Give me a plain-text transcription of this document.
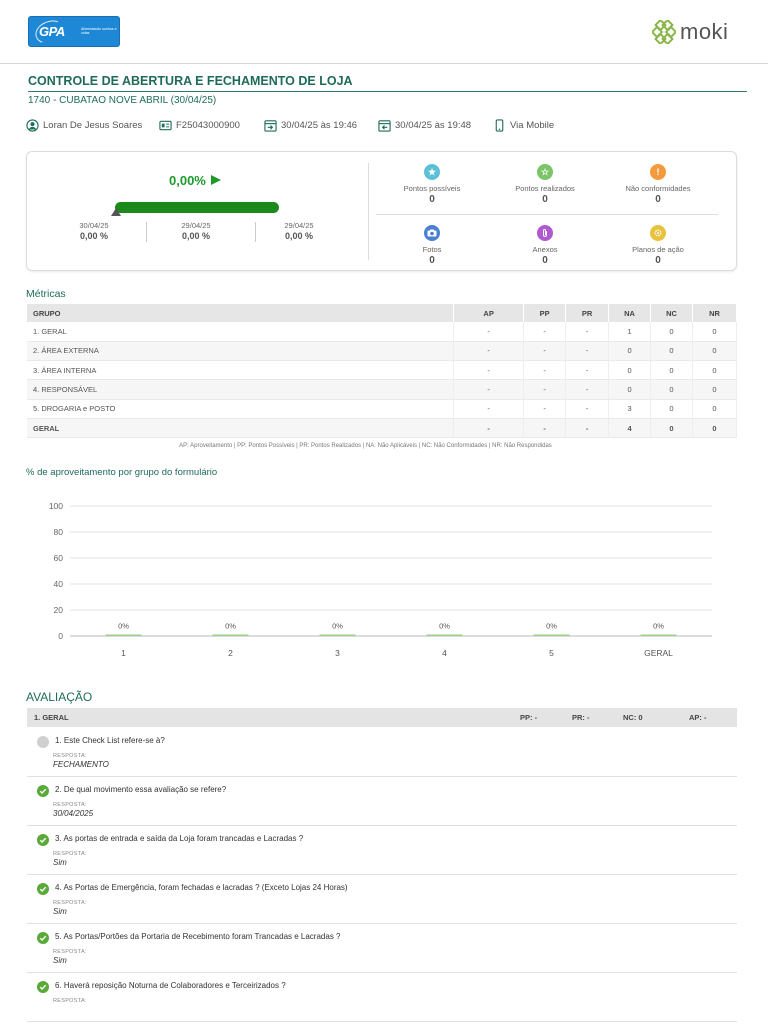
GPA	Alimentando sonhos e vidas	moki
CONTROLE DE ABERTURA E FECHAMENTO DE LOJA
1740 - CUBATAO NOVE ABRIL (30/04/25)
Loran De Jesus Soares	F25043000900	30/04/25 às 19:46	30/04/25 às 19:48	Via Mobile
0,00%
30/04/25
0,00 %
29/04/25
0,00 %
29/04/25
0,00 %
★
Pontos possíveis
0
☆
Pontos realizados
0
!
Não conformidades
0
Fotos
0
Anexos
0
Planos de ação
0
Métricas
GRUPO	AP	PP	PR	NA	NC	NR
1. GERAL	-	-	-	1	0	0
2. ÁREA EXTERNA	-	-	-	0	0	0
3. ÁREA INTERNA	-	-	-	0	0	0
4. RESPONSÁVEL	-	-	-	0	0	0
5. DROGARIA e POSTO	-	-	-	3	0	0
GERAL	-	-	-	4	0	0
AP: Aproveitamento | PP: Pontos Possíveis | PR: Pontos Realizados | NA: Não Aplicáveis | NC: Não Conformidades | NR: Não Respondidas
% de aproveitamento por grupo do formulário
0
20
40
60
80
100
0%
1
0%
2
0%
3
0%
4
0%
5
0%
GERAL
AVALIAÇÃO
1. GERAL	PP: -	PR: -	NC: 0	AP: -
1. Este Check List refere-se à?
RESPOSTA:
FECHAMENTO
2. De qual movimento essa avaliação se refere?
RESPOSTA:
30/04/2025
3. As portas de entrada e saída da Loja foram trancadas e Lacradas ?
RESPOSTA:
Sim
4. As Portas de Emergência, foram fechadas e lacradas ? (Exceto Lojas 24 Horas)
RESPOSTA:
Sim
5. As Portas/Portões da Portaria de Recebimento foram Trancadas e Lacradas ?
RESPOSTA:
Sim
6. Haverá reposição Noturna de Colaboradores e Terceirizados ?
RESPOSTA:
